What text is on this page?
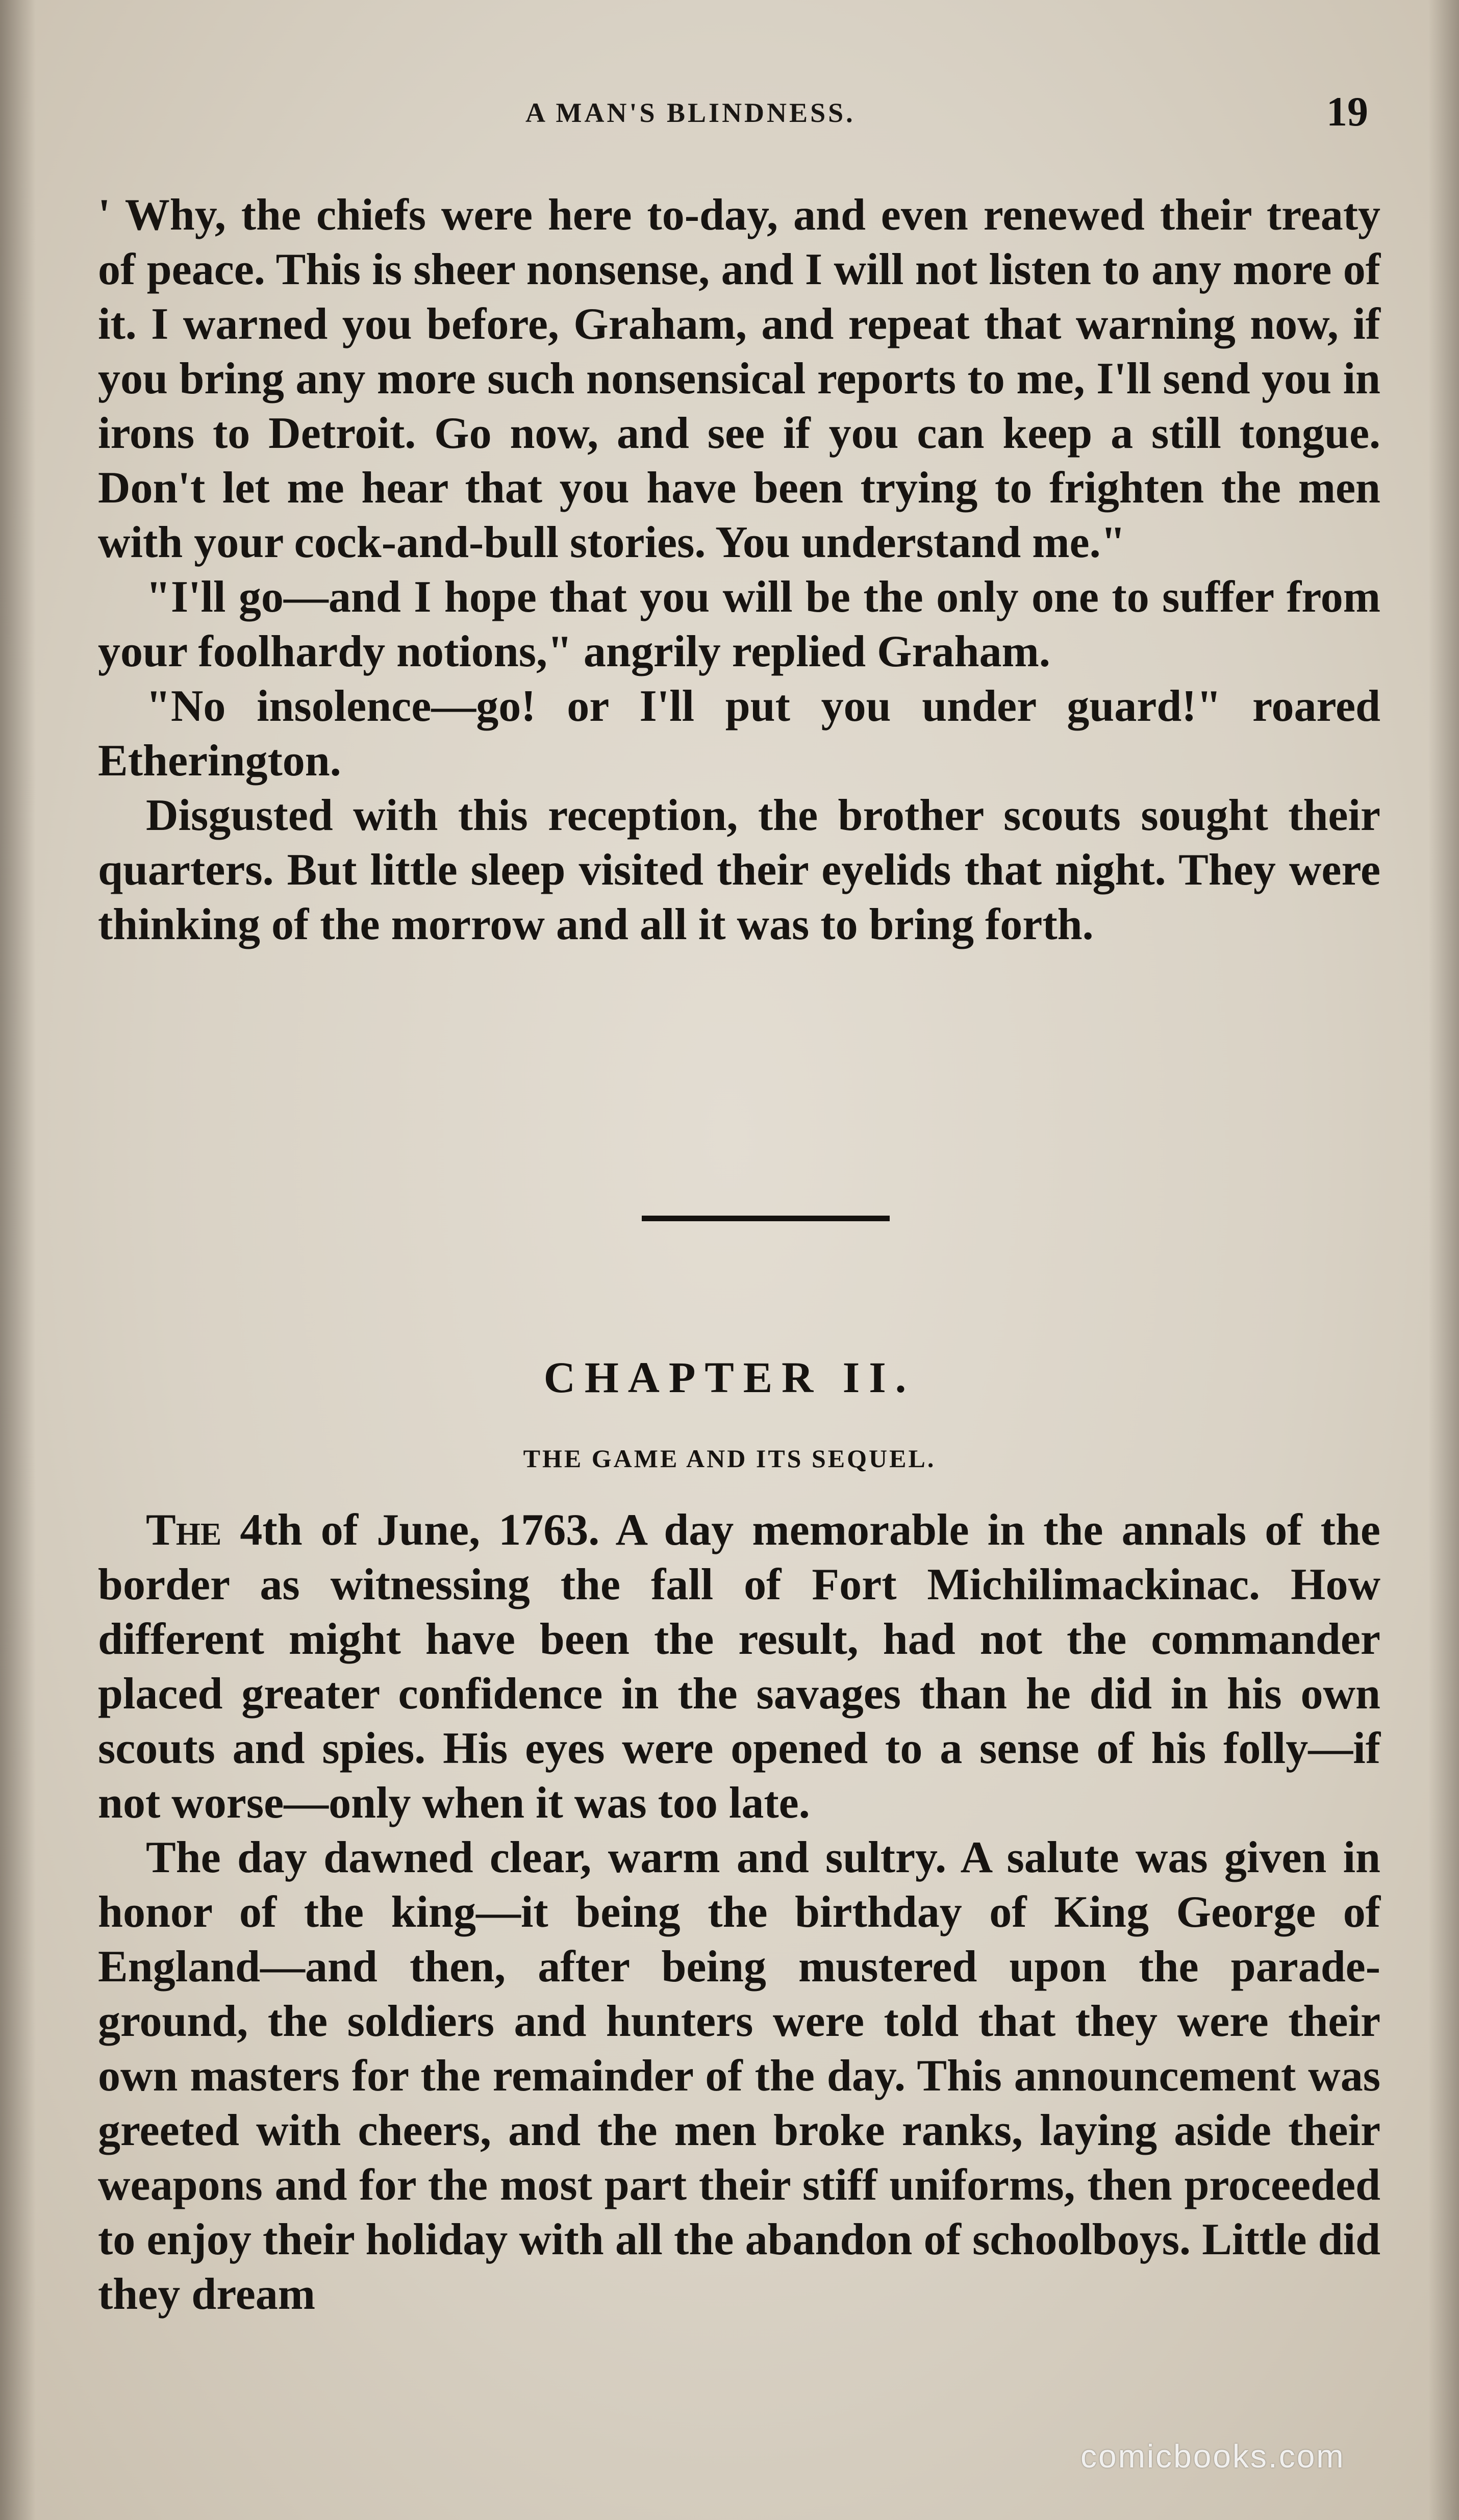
A MAN'S BLINDNESS.	19

' Why, the chiefs were here to-day, and even renewed their treaty of peace. This is sheer nonsense, and I will not listen to any more of it. I warned you before, Graham, and repeat that warning now, if you bring any more such nonsensical reports to me, I'll send you in irons to Detroit. Go now, and see if you can keep a still tongue. Don't let me hear that you have been trying to frighten the men with your cock-and-bull stories. You understand me."

"I'll go—and I hope that you will be the only one to suffer from your foolhardy notions," angrily replied Graham.

"No insolence—go! or I'll put you under guard!" roared Etherington.

Disgusted with this reception, the brother scouts sought their quarters. But little sleep visited their eyelids that night. They were thinking of the morrow and all it was to bring forth.

CHAPTER II.
THE GAME AND ITS SEQUEL.

The 4th of June, 1763. A day memorable in the annals of the border as witnessing the fall of Fort Michilimackinac. How different might have been the result, had not the commander placed greater confidence in the savages than he did in his own scouts and spies. His eyes were opened to a sense of his folly—if not worse—only when it was too late.

The day dawned clear, warm and sultry. A salute was given in honor of the king—it being the birthday of King George of England—and then, after being mustered upon the parade-ground, the soldiers and hunters were told that they were their own masters for the remainder of the day. This announcement was greeted with cheers, and the men broke ranks, laying aside their weapons and for the most part their stiff uniforms, then proceeded to enjoy their holiday with all the abandon of schoolboys. Little did they dream

comicbooks.com
